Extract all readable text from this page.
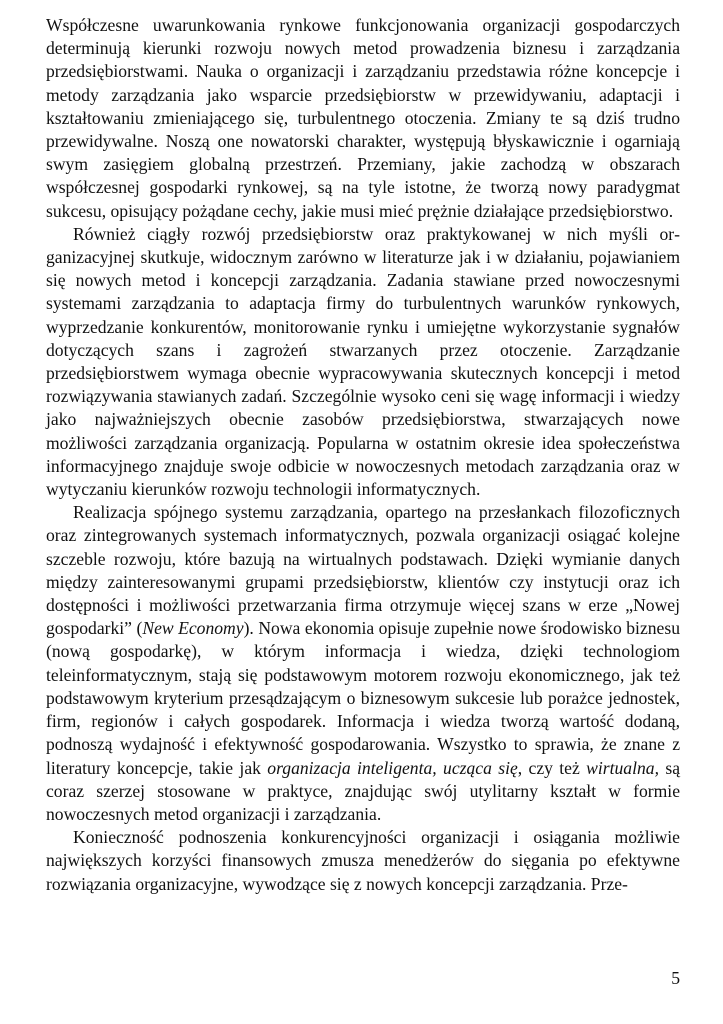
Współczesne uwarunkowania rynkowe funkcjonowania organizacji gospodarczych determinują kierunki rozwoju nowych metod prowadzenia biznesu i zarządzania przedsiębiorstwami. Nauka o organizacji i zarządzaniu przedstawia różne koncepcje i metody zarządzania jako wsparcie przedsiębiorstw w przewidywaniu, adaptacji i kształtowaniu zmieniającego się, turbulentnego otoczenia. Zmiany te są dziś trudno przewidywalne. Noszą one nowatorski charakter, występują błyskawicznie i ogarniają swym zasięgiem globalną przestrzeń. Przemiany, jakie zachodzą w obszarach współczesnej gospodarki rynkowej, są na tyle istotne, że tworzą nowy paradygmat sukcesu, opisujący pożądane cechy, jakie musi mieć prężnie działające przedsiębiorstwo.

Również ciągły rozwój przedsiębiorstw oraz praktykowanej w nich myśli organizacyjnej skutkuje, widocznym zarówno w literaturze jak i w działaniu, pojawianiem się nowych metod i koncepcji zarządzania. Zadania stawiane przed nowoczesnymi systemami zarządzania to adaptacja firmy do turbulentnych warunków rynkowych, wyprzedzanie konkurentów, monitorowanie rynku i umiejętne wykorzystanie sygnałów dotyczących szans i zagrożeń stwarzanych przez otoczenie. Zarządzanie przedsiębiorstwem wymaga obecnie wypracowywania skutecznych koncepcji i metod rozwiązywania stawianych zadań. Szczególnie wysoko ceni się wagę informacji i wiedzy jako najważniejszych obecnie zasobów przedsiębiorstwa, stwarzających nowe możliwości zarządzania organizacją. Popularna w ostatnim okresie idea społeczeństwa informacyjnego znajduje swoje odbicie w nowoczesnych metodach zarządzania oraz w wytyczaniu kierunków rozwoju technologii informatycznych.

Realizacja spójnego systemu zarządzania, opartego na przesłankach filozoficznych oraz zintegrowanych systemach informatycznych, pozwala organizacji osiągać kolejne szczeble rozwoju, które bazują na wirtualnych podstawach. Dzięki wymianie danych między zainteresowanymi grupami przedsiębiorstw, klientów czy instytucji oraz ich dostępności i możliwości przetwarzania firma otrzymuje więcej szans w erze „Nowej gospodarki” (New Economy). Nowa ekonomia opisuje zupełnie nowe środowisko biznesu (nową gospodarkę), w którym informacja i wiedza, dzięki technologiom teleinformatycznym, stają się podstawowym motorem rozwoju ekonomicznego, jak też podstawowym kryterium przesądzającym o biznesowym sukcesie lub porażce jednostek, firm, regionów i całych gospodarek. Informacja i wiedza tworzą wartość dodaną, podnoszą wydajność i efektywność gospodarowania. Wszystko to sprawia, że znane z literatury koncepcje, takie jak organizacja inteligenta, ucząca się, czy też wirtualna, są coraz szerzej stosowane w praktyce, znajdując swój utylitarny kształt w formie nowoczesnych metod organizacji i zarządzania.

Konieczność podnoszenia konkurencyjności organizacji i osiągania możliwie największych korzyści finansowych zmusza menedżerów do sięgania po efektywne rozwiązania organizacyjne, wywodzące się z nowych koncepcji zarządzania. Prze-

5
